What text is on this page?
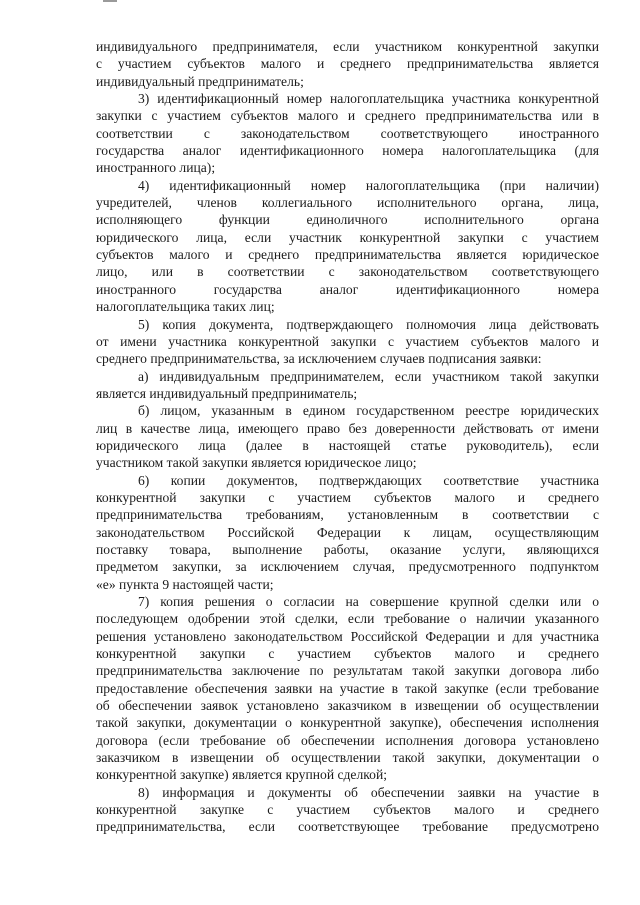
индивидуального предпринимателя, если участником конкурентной закупки
с участием субъектов малого и среднего предпринимательства является
индивидуальный предприниматель;
3) идентификационный номер налогоплательщика участника конкурентной
закупки с участием субъектов малого и среднего предпринимательства или в
соответствии с законодательством соответствующего иностранного
государства аналог идентификационного номера налогоплательщика (для
иностранного лица);
4) идентификационный номер налогоплательщика (при наличии)
учредителей, членов коллегиального исполнительного органа, лица,
исполняющего функции единоличного исполнительного органа
юридического лица, если участник конкурентной закупки с участием
субъектов малого и среднего предпринимательства является юридическое
лицо, или в соответствии с законодательством соответствующего
иностранного государства аналог идентификационного номера
налогоплательщика таких лиц;
5) копия документа, подтверждающего полномочия лица действовать
от имени участника конкурентной закупки с участием субъектов малого и
среднего предпринимательства, за исключением случаев подписания заявки:
а) индивидуальным предпринимателем, если участником такой закупки
является индивидуальный предприниматель;
б) лицом, указанным в едином государственном реестре юридических
лиц в качестве лица, имеющего право без доверенности действовать от имени
юридического лица (далее в настоящей статье руководитель), если
участником такой закупки является юридическое лицо;
6) копии документов, подтверждающих соответствие участника
конкурентной закупки с участием субъектов малого и среднего
предпринимательства требованиям, установленным в соответствии с
законодательством Российской Федерации к лицам, осуществляющим
поставку товара, выполнение работы, оказание услуги, являющихся
предметом закупки, за исключением случая, предусмотренного подпунктом
«е» пункта 9 настоящей части;
7) копия решения о согласии на совершение крупной сделки или о
последующем одобрении этой сделки, если требование о наличии указанного
решения установлено законодательством Российской Федерации и для участника
конкурентной закупки с участием субъектов малого и среднего
предпринимательства заключение по результатам такой закупки договора либо
предоставление обеспечения заявки на участие в такой закупке (если требование
об обеспечении заявок установлено заказчиком в извещении об осуществлении
такой закупки, документации о конкурентной закупке), обеспечения исполнения
договора (если требование об обеспечении исполнения договора установлено
заказчиком в извещении об осуществлении такой закупки, документации о
конкурентной закупке) является крупной сделкой;
8) информация и документы об обеспечении заявки на участие в
конкурентной закупке с участием субъектов малого и среднего
предпринимательства, если соответствующее требование предусмотрено
